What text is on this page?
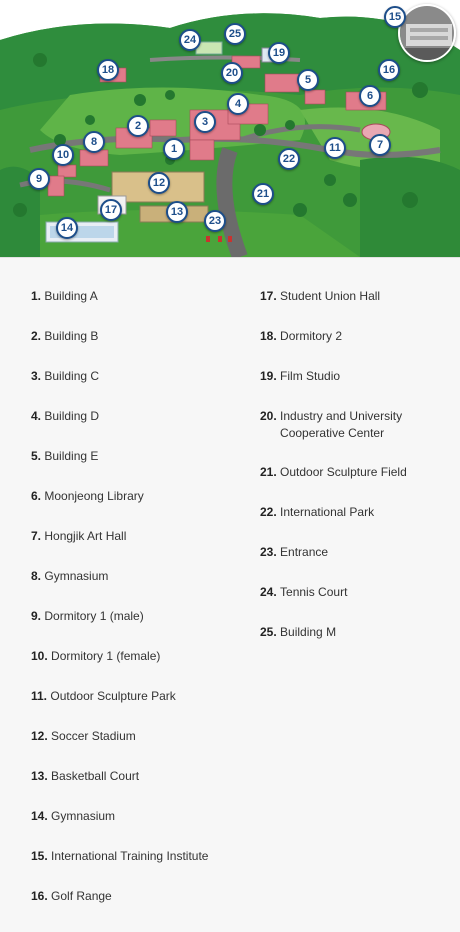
1
2	3
4
5
6
7
8
9
10
11
12
13
14
15
16
17
18
19
20
21
22
23
24	25
1. Building A
2. Building B
3. Building C
4. Building D
5. Building E
6. Moonjeong Library
7. Hongjik Art Hall
8. Gymnasium
9. Dormitory 1 (male)
10. Dormitory 1 (female)
11. Outdoor Sculpture Park
12. Soccer Stadium
13. Basketball Court
14. Gymnasium
15. International Training Institute
16. Golf Range
17. Student Union Hall
18. Dormitory 2
19. Film Studio
20. Industry and University Cooperative Center
21. Outdoor Sculpture Field
22. International Park
23. Entrance
24. Tennis Court
25. Building M
